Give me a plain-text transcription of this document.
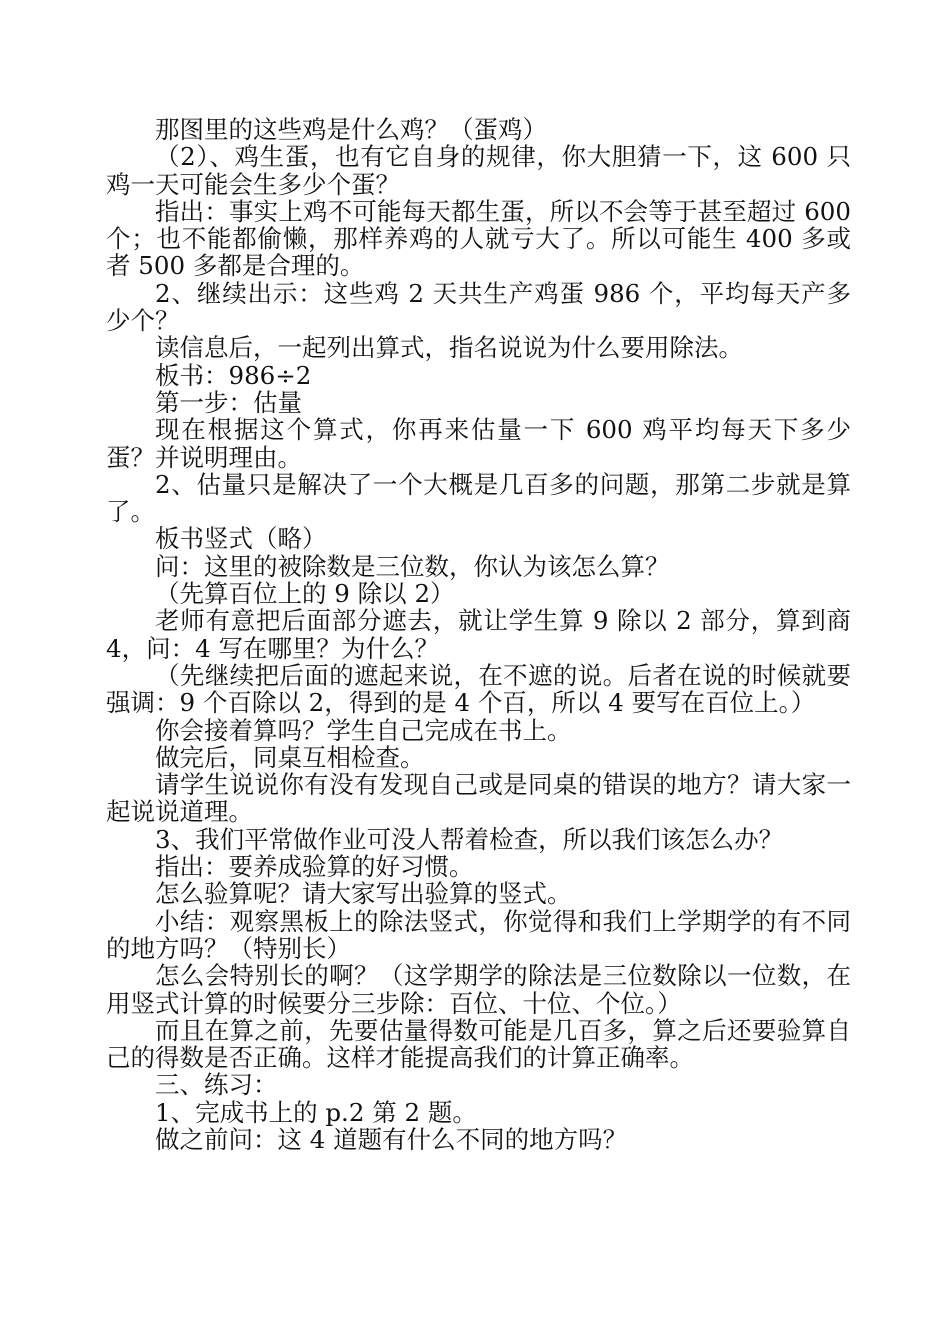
那图里的这些鸡是什么鸡？（蛋鸡）

（2）、鸡生蛋，也有它自身的规律，你大胆猜一下，这 600 只鸡一天可能会生多少个蛋？

指出：事实上鸡不可能每天都生蛋，所以不会等于甚至超过 600 个；也不能都偷懒，那样养鸡的人就亏大了。所以可能生 400 多或者 500 多都是合理的。

2、继续出示：这些鸡 2 天共生产鸡蛋 986 个，平均每天产多少个？

读信息后，一起列出算式，指名说说为什么要用除法。

板书：986÷2

第一步：估量

现在根据这个算式，你再来估量一下 600 鸡平均每天下多少蛋？并说明理由。

2、估量只是解决了一个大概是几百多的问题，那第二步就是算了。

板书竖式（略）

问：这里的被除数是三位数，你认为该怎么算？

（先算百位上的 9 除以 2）

老师有意把后面部分遮去，就让学生算 9 除以 2 部分，算到商 4，问：4 写在哪里？为什么？

（先继续把后面的遮起来说，在不遮的说。后者在说的时候就要强调：9 个百除以 2，得到的是 4 个百，所以 4 要写在百位上。）

你会接着算吗？学生自己完成在书上。

做完后，同桌互相检查。

请学生说说你有没有发现自己或是同桌的错误的地方？请大家一起说说道理。

3、我们平常做作业可没人帮着检查，所以我们该怎么办？

指出：要养成验算的好习惯。

怎么验算呢？请大家写出验算的竖式。

小结：观察黑板上的除法竖式，你觉得和我们上学期学的有不同的地方吗？（特别长）

怎么会特别长的啊？（这学期学的除法是三位数除以一位数，在用竖式计算的时候要分三步除：百位、十位、个位。）

而且在算之前，先要估量得数可能是几百多，算之后还要验算自己的得数是否正确。这样才能提高我们的计算正确率。

三、练习：

1、完成书上的 p.2 第 2 题。

做之前问：这 4 道题有什么不同的地方吗？
